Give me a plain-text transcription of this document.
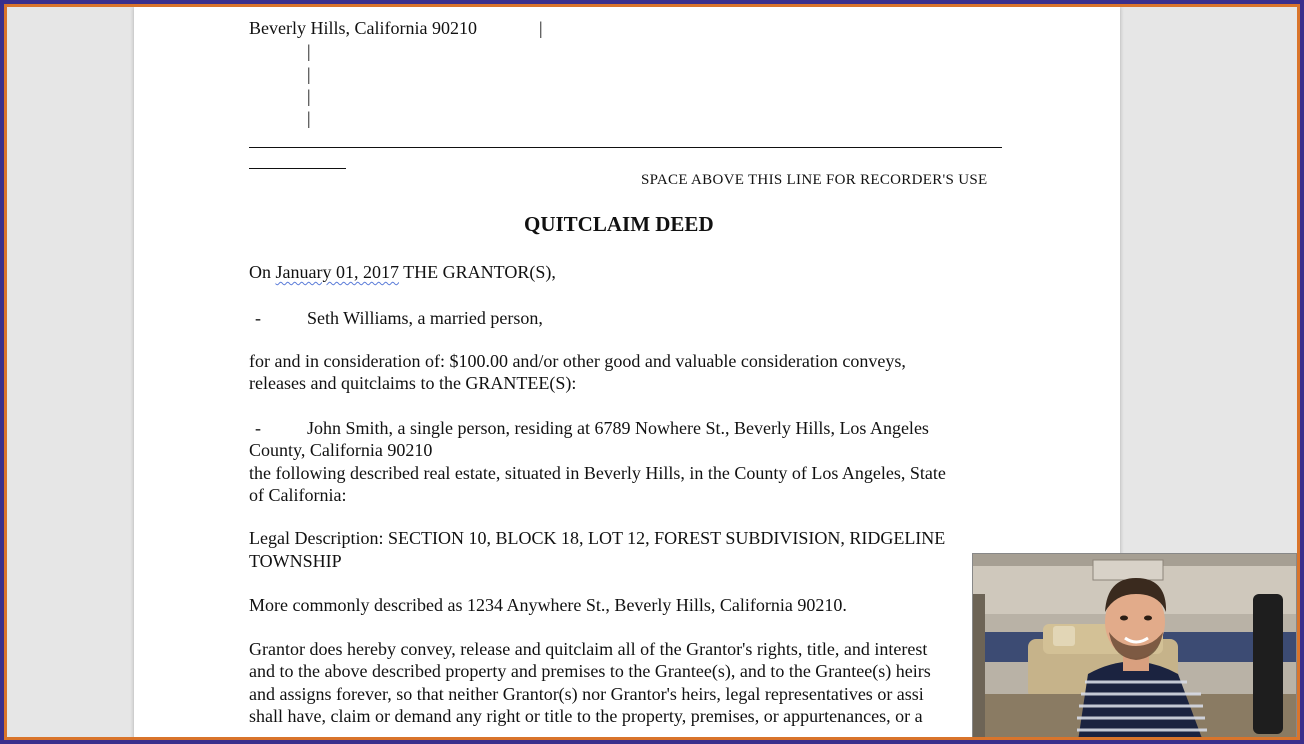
Beverly Hills, California 90210	|
|
|
|
|
SPACE ABOVE THIS LINE FOR RECORDER'S USE
QUITCLAIM DEED
On January 01, 2017 THE GRANTOR(S),
-	Seth Williams, a married person,
for and in consideration of: $100.00 and/or other good and valuable consideration conveys,
releases and quitclaims to the GRANTEE(S):
-	John Smith, a single person, residing at 6789 Nowhere St., Beverly Hills, Los Angeles
County, California 90210
the following described real estate, situated in Beverly Hills, in the County of Los Angeles, State
of California:
Legal Description: SECTION 10, BLOCK 18, LOT 12, FOREST SUBDIVISION, RIDGELINE
TOWNSHIP
More commonly described as 1234 Anywhere St., Beverly Hills, California 90210.
Grantor does hereby convey, release and quitclaim all of the Grantor's rights, title, and interest
and to the above described property and premises to the Grantee(s), and to the Grantee(s) heirs
and assigns forever, so that neither Grantor(s) nor Grantor's heirs, legal representatives or assi
shall have, claim or demand any right or title to the property, premises, or appurtenances, or a
